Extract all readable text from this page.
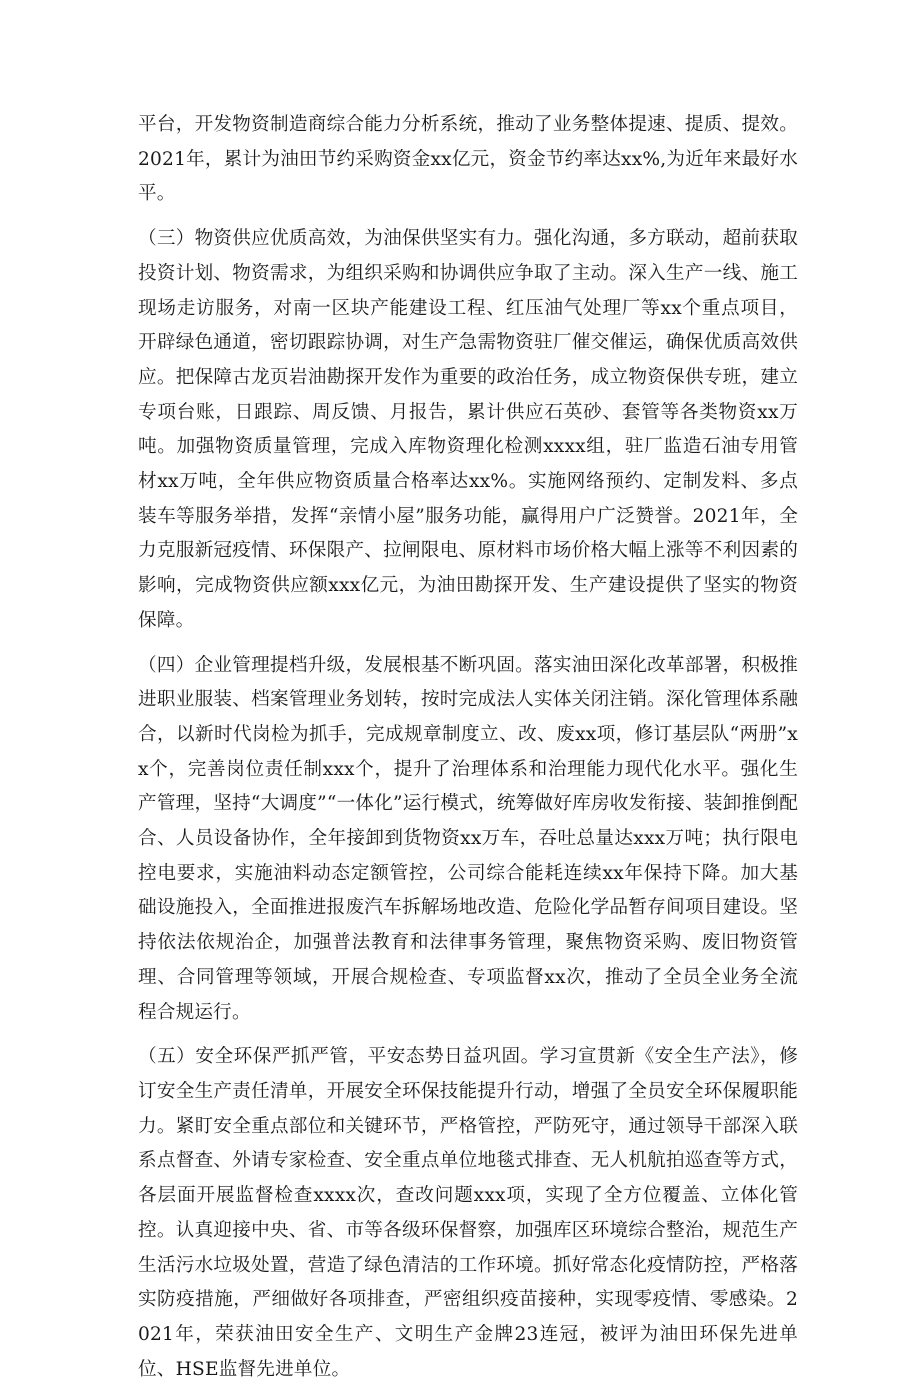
平台，开发物资制造商综合能力分析系统，推动了业务整体提速、提质、提效。2021年，累计为油田节约采购资金xx亿元，资金节约率达xx%,为近年来最好水平。

（三）物资供应优质高效，为油保供坚实有力。强化沟通，多方联动，超前获取投资计划、物资需求，为组织采购和协调供应争取了主动。深入生产一线、施工现场走访服务，对南一区块产能建设工程、红压油气处理厂等xx个重点项目，开辟绿色通道，密切跟踪协调，对生产急需物资驻厂催交催运，确保优质高效供应。把保障古龙页岩油勘探开发作为重要的政治任务，成立物资保供专班，建立专项台账，日跟踪、周反馈、月报告，累计供应石英砂、套管等各类物资xx万吨。加强物资质量管理，完成入库物资理化检测xxxx组，驻厂监造石油专用管材xx万吨，全年供应物资质量合格率达xx%。实施网络预约、定制发料、多点装车等服务举措，发挥“亲情小屋”服务功能，赢得用户广泛赞誉。2021年，全力克服新冠疫情、环保限产、拉闸限电、原材料市场价格大幅上涨等不利因素的影响，完成物资供应额xxx亿元，为油田勘探开发、生产建设提供了坚实的物资保障。

（四）企业管理提档升级，发展根基不断巩固。落实油田深化改革部署，积极推进职业服装、档案管理业务划转，按时完成法人实体关闭注销。深化管理体系融合，以新时代岗检为抓手，完成规章制度立、改、废xx项，修订基层队“两册”xx个，完善岗位责任制xxx个，提升了治理体系和治理能力现代化水平。强化生产管理，坚持“大调度”“一体化”运行模式，统筹做好库房收发衔接、装卸推倒配合、人员设备协作，全年接卸到货物资xx万车，吞吐总量达xxx万吨；执行限电控电要求，实施油料动态定额管控，公司综合能耗连续xx年保持下降。加大基础设施投入，全面推进报废汽车拆解场地改造、危险化学品暂存间项目建设。坚持依法依规治企，加强普法教育和法律事务管理，聚焦物资采购、废旧物资管理、合同管理等领域，开展合规检查、专项监督xx次，推动了全员全业务全流程合规运行。

（五）安全环保严抓严管，平安态势日益巩固。学习宣贯新《安全生产法》，修订安全生产责任清单，开展安全环保技能提升行动，增强了全员安全环保履职能力。紧盯安全重点部位和关键环节，严格管控，严防死守，通过领导干部深入联系点督查、外请专家检查、安全重点单位地毯式排查、无人机航拍巡查等方式，各层面开展监督检查xxxx次，查改问题xxx项，实现了全方位覆盖、立体化管控。认真迎接中央、省、市等各级环保督察，加强库区环境综合整治，规范生产生活污水垃圾处置，营造了绿色清洁的工作环境。抓好常态化疫情防控，严格落实防疫措施，严细做好各项排查，严密组织疫苗接种，实现零疫情、零感染。2021年，荣获油田安全生产、文明生产金牌23连冠，被评为油田环保先进单位、HSE监督先进单位。
